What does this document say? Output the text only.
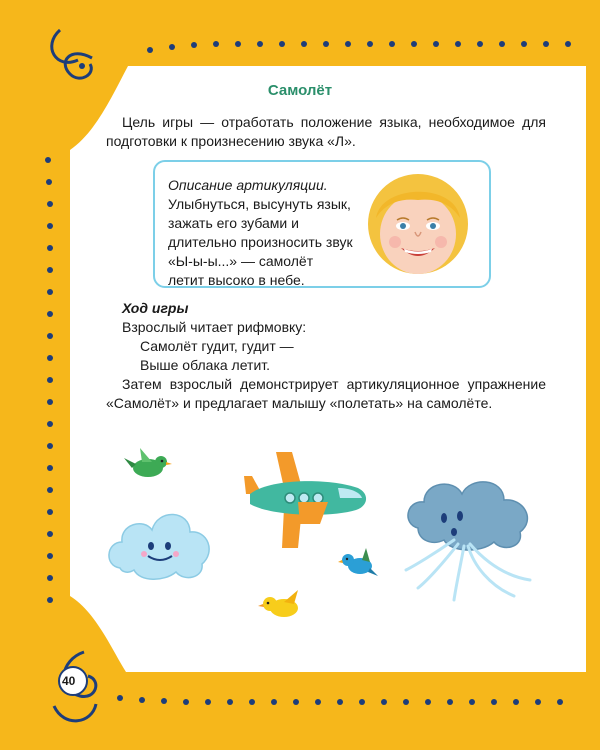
Самолёт
Цель игры — отработать положение языка, необходимое для подготовки к произнесению звука «Л».
Описание артикуляции. Улыбнуться, высунуть язык, зажать его зубами и длительно произносить звук «Ы-ы-ы...» — самолёт летит высоко в небе.
Ход игры
Взрослый читает рифмовку:
Самолёт гудит, гудит —
Выше облака летит.
Затем взрослый демонстрирует артикуляционное упражнение «Самолёт» и предлагает малышу «полетать» на самолёте.
40
